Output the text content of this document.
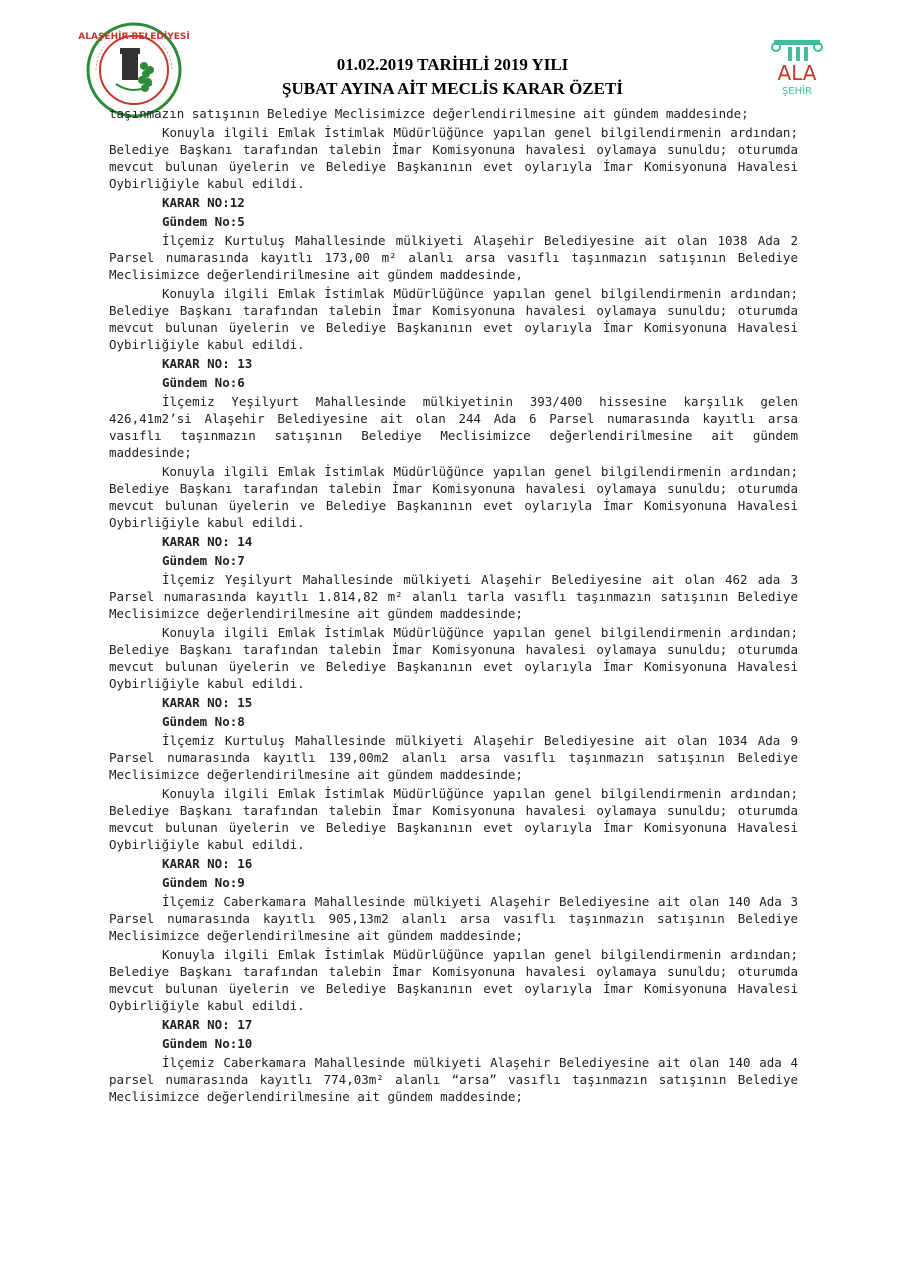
ALAŞEHİR BELEDİYESİ
01.02.2019 TARİHLİ 2019 YILI
ŞUBAT AYINA AİT MECLİS KARAR ÖZETİ
ALA
ŞEHİR

taşınmazın satışının Belediye Meclisimizce değerlendirilmesine ait gündem maddesinde;

Konuyla ilgili Emlak İstimlak Müdürlüğünce yapılan genel bilgilendirmenin ardından; Belediye Başkanı tarafından talebin İmar Komisyonuna havalesi oylamaya sunuldu; oturumda mevcut bulunan üyelerin ve Belediye Başkanının evet oylarıyla İmar Komisyonuna Havalesi Oybirliğiyle kabul edildi.

KARAR NO:12

Gündem No:5

İlçemiz Kurtuluş Mahallesinde mülkiyeti Alaşehir Belediyesine ait olan 1038 Ada 2 Parsel numarasında kayıtlı 173,00 m² alanlı arsa vasıflı taşınmazın satışının Belediye Meclisimizce değerlendirilmesine ait gündem maddesinde,

Konuyla ilgili Emlak İstimlak Müdürlüğünce yapılan genel bilgilendirmenin ardından; Belediye Başkanı tarafından talebin İmar Komisyonuna havalesi oylamaya sunuldu; oturumda mevcut bulunan üyelerin ve Belediye Başkanının evet oylarıyla İmar Komisyonuna Havalesi Oybirliğiyle kabul edildi.

KARAR NO: 13

Gündem No:6

İlçemiz Yeşilyurt Mahallesinde mülkiyetinin 393/400 hissesine karşılık gelen 426,41m2’si Alaşehir Belediyesine ait olan 244 Ada 6 Parsel numarasında kayıtlı arsa vasıflı taşınmazın satışının Belediye Meclisimizce değerlendirilmesine ait gündem maddesinde;

Konuyla ilgili Emlak İstimlak Müdürlüğünce yapılan genel bilgilendirmenin ardından; Belediye Başkanı tarafından talebin İmar Komisyonuna havalesi oylamaya sunuldu; oturumda mevcut bulunan üyelerin ve Belediye Başkanının evet oylarıyla İmar Komisyonuna Havalesi Oybirliğiyle kabul edildi.

KARAR NO: 14

Gündem No:7

İlçemiz Yeşilyurt Mahallesinde mülkiyeti Alaşehir Belediyesine ait olan 462 ada 3 Parsel numarasında kayıtlı 1.814,82 m² alanlı tarla vasıflı taşınmazın satışının Belediye Meclisimizce değerlendirilmesine ait gündem maddesinde;

Konuyla ilgili Emlak İstimlak Müdürlüğünce yapılan genel bilgilendirmenin ardından; Belediye Başkanı tarafından talebin İmar Komisyonuna havalesi oylamaya sunuldu; oturumda mevcut bulunan üyelerin ve Belediye Başkanının evet oylarıyla İmar Komisyonuna Havalesi Oybirliğiyle kabul edildi.

KARAR NO: 15

Gündem No:8

İlçemiz Kurtuluş Mahallesinde mülkiyeti Alaşehir Belediyesine ait olan 1034 Ada 9 Parsel numarasında kayıtlı 139,00m2 alanlı arsa vasıflı taşınmazın satışının Belediye Meclisimizce değerlendirilmesine ait gündem maddesinde;

Konuyla ilgili Emlak İstimlak Müdürlüğünce yapılan genel bilgilendirmenin ardından; Belediye Başkanı tarafından talebin İmar Komisyonuna havalesi oylamaya sunuldu; oturumda mevcut bulunan üyelerin ve Belediye Başkanının evet oylarıyla İmar Komisyonuna Havalesi Oybirliğiyle kabul edildi.

KARAR NO: 16

Gündem No:9

İlçemiz Caberkamara Mahallesinde mülkiyeti Alaşehir Belediyesine ait olan 140 Ada 3 Parsel numarasında kayıtlı 905,13m2 alanlı arsa vasıflı taşınmazın satışının Belediye Meclisimizce değerlendirilmesine ait gündem maddesinde;

Konuyla ilgili Emlak İstimlak Müdürlüğünce yapılan genel bilgilendirmenin ardından; Belediye Başkanı tarafından talebin İmar Komisyonuna havalesi oylamaya sunuldu; oturumda mevcut bulunan üyelerin ve Belediye Başkanının evet oylarıyla İmar Komisyonuna Havalesi Oybirliğiyle kabul edildi.

KARAR NO: 17

Gündem No:10

İlçemiz Caberkamara Mahallesinde mülkiyeti Alaşehir Belediyesine ait olan 140 ada 4 parsel numarasında kayıtlı 774,03m² alanlı “arsa” vasıflı taşınmazın satışının Belediye Meclisimizce değerlendirilmesine ait gündem maddesinde;
